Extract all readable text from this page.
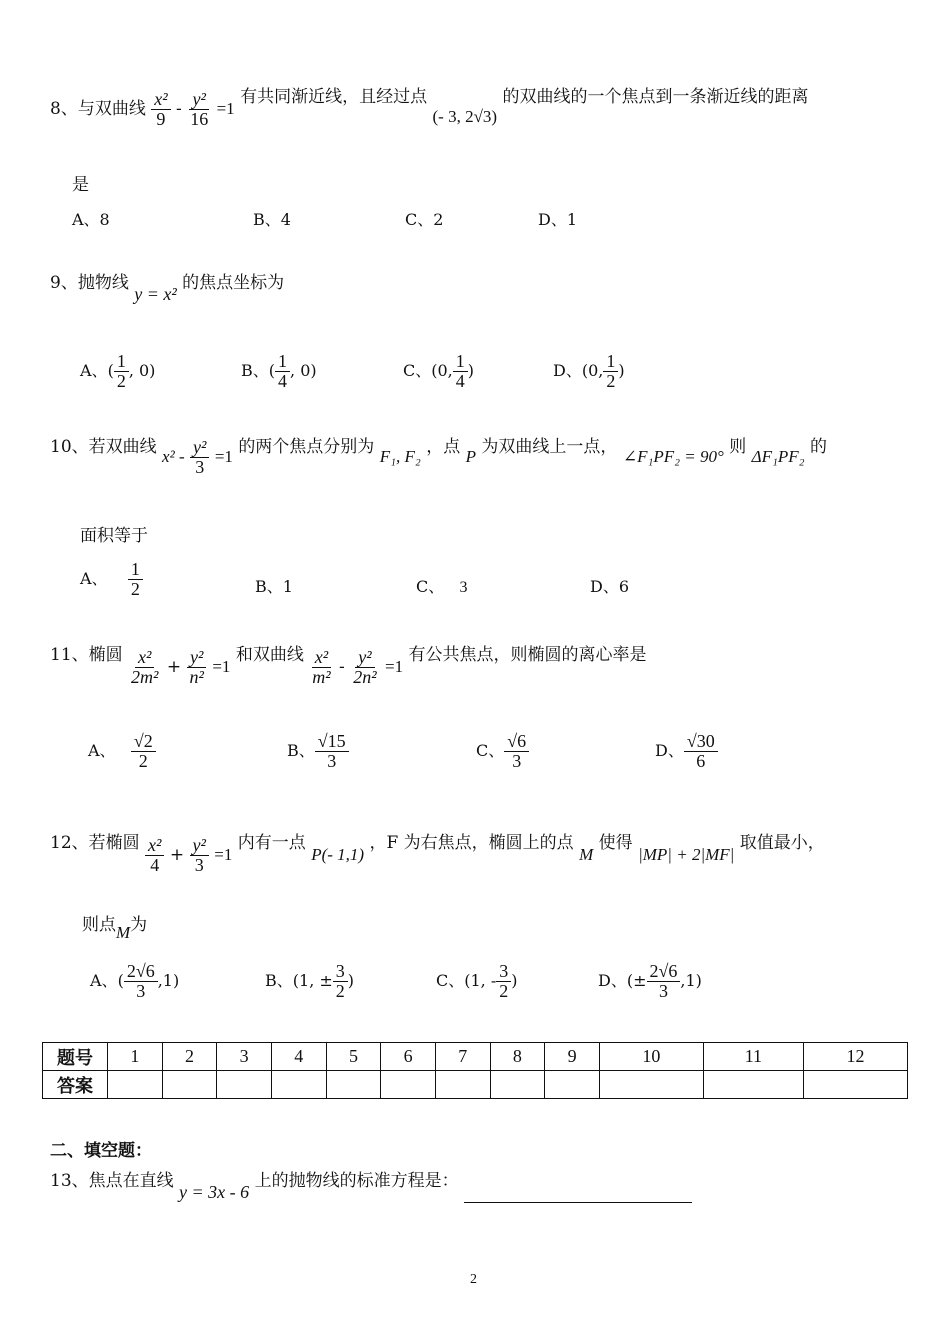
8、与双曲线 $\frac{\text{x²}}{9} - \frac{\text{y²}}{16} =1$ 有共同渐近线，且经过点 (- 3, 2√3) 的双曲线的一个焦点到一条渐近线的距离
是
A、8	B、4	C、2	D、1
9、抛物线 y = x² 的焦点坐标为
A、( $\frac{1}{2}$ , 0)	B、( $\frac{1}{4}$ , 0)	C、(0, $\frac{1}{4}$ )	D、(0, $\frac{1}{2}$ )
10、若双曲线 $x^2 - \frac{\text{y²}}{3} =1$ 的两个焦点分别为 F₁, F₂ ，点 P 为双曲线上一点， ∠F₁PF₂ = 90° 则 ΔF₁PF₂ 的
面积等于
A、 $\frac{1}{2}$	B、1	C、 3	D、6
11、椭圆 $\frac{\text{x²}}{\text{2m²}} + \frac{\text{y²}}{\text{n²}} =1$ 和双曲线 $\frac{\text{x²}}{\text{m²}} - \frac{\text{y²}}{\text{2n²}} =1$ 有公共焦点，则椭圆的离心率是
A、 $\frac{√2}{2}$	B、 $\frac{√15}{3}$	C、 $\frac{√6}{3}$	D、 $\frac{√30}{6}$
12、若椭圆 $\frac{\text{x²}}{4} + \frac{\text{y²}}{3} =1$ 内有一点 P(- 1,1) ，F 为右焦点，椭圆上的点 M 使得 |MP| + 2|MF| 取值最小，
则点M为
A、( $\frac{2√6}{3} ,1$)	B、(1, ± $\frac{3}{2}$ )	C、(1, - $\frac{3}{2}$ )	D、(± $\frac{2√6}{3} ,1$)
题号	1	2	3	4	5	6	7	8	9	10	11	12
答案												
二、填空题：
13、焦点在直线 y = 3x - 6 上的抛物线的标准方程是：
2
